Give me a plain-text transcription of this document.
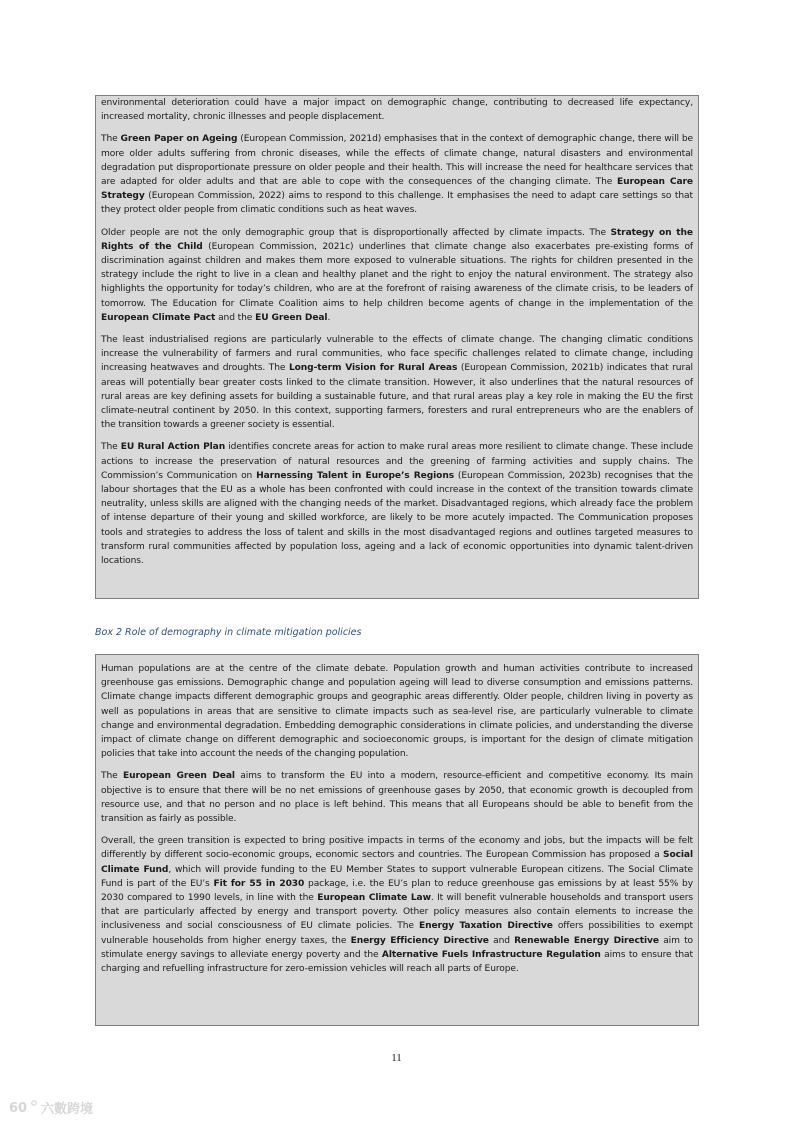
environmental deterioration could have a major impact on demographic change, contributing to decreased life expectancy, increased mortality, chronic illnesses and people displacement.

The Green Paper on Ageing (European Commission, 2021d) emphasises that in the context of demographic change, there will be more older adults suffering from chronic diseases, while the effects of climate change, natural disasters and environmental degradation put disproportionate pressure on older people and their health. This will increase the need for healthcare services that are adapted for older adults and that are able to cope with the consequences of the changing climate. The European Care Strategy (European Commission, 2022) aims to respond to this challenge. It emphasises the need to adapt care settings so that they protect older people from climatic conditions such as heat waves.

Older people are not the only demographic group that is disproportionally affected by climate impacts. The Strategy on the Rights of the Child (European Commission, 2021c) underlines that climate change also exacerbates pre-existing forms of discrimination against children and makes them more exposed to vulnerable situations. The rights for children presented in the strategy include the right to live in a clean and healthy planet and the right to enjoy the natural environment. The strategy also highlights the opportunity for today’s children, who are at the forefront of raising awareness of the climate crisis, to be leaders of tomorrow. The Education for Climate Coalition aims to help children become agents of change in the implementation of the European Climate Pact and the EU Green Deal.

The least industrialised regions are particularly vulnerable to the effects of climate change. The changing climatic conditions increase the vulnerability of farmers and rural communities, who face specific challenges related to climate change, including increasing heatwaves and droughts. The Long-term Vision for Rural Areas (European Commission, 2021b) indicates that rural areas will potentially bear greater costs linked to the climate transition. However, it also underlines that the natural resources of rural areas are key defining assets for building a sustainable future, and that rural areas play a key role in making the EU the first climate-neutral continent by 2050. In this context, supporting farmers, foresters and rural entrepreneurs who are the enablers of the transition towards a greener society is essential.

The EU Rural Action Plan identifies concrete areas for action to make rural areas more resilient to climate change. These include actions to increase the preservation of natural resources and the greening of farming activities and supply chains. The Commission’s Communication on Harnessing Talent in Europe’s Regions (European Commission, 2023b) recognises that the labour shortages that the EU as a whole has been confronted with could increase in the context of the transition towards climate neutrality, unless skills are aligned with the changing needs of the market. Disadvantaged regions, which already face the problem of intense departure of their young and skilled workforce, are likely to be more acutely impacted. The Communication proposes tools and strategies to address the loss of talent and skills in the most disadvantaged regions and outlines targeted measures to transform rural communities affected by population loss, ageing and a lack of economic opportunities into dynamic talent-driven locations.

Box 2 Role of demography in climate mitigation policies

Human populations are at the centre of the climate debate. Population growth and human activities contribute to increased greenhouse gas emissions. Demographic change and population ageing will lead to diverse consumption and emissions patterns. Climate change impacts different demographic groups and geographic areas differently. Older people, children living in poverty as well as populations in areas that are sensitive to climate impacts such as sea-level rise, are particularly vulnerable to climate change and environmental degradation. Embedding demographic considerations in climate policies, and understanding the diverse impact of climate change on different demographic and socioeconomic groups, is important for the design of climate mitigation policies that take into account the needs of the changing population.

The European Green Deal aims to transform the EU into a modern, resource-efficient and competitive economy. Its main objective is to ensure that there will be no net emissions of greenhouse gases by 2050, that economic growth is decoupled from resource use, and that no person and no place is left behind. This means that all Europeans should be able to benefit from the transition as fairly as possible.

Overall, the green transition is expected to bring positive impacts in terms of the economy and jobs, but the impacts will be felt differently by different socio-economic groups, economic sectors and countries. The European Commission has proposed a Social Climate Fund, which will provide funding to the EU Member States to support vulnerable European citizens. The Social Climate Fund is part of the EU’s Fit for 55 in 2030 package, i.e. the EU’s plan to reduce greenhouse gas emissions by at least 55% by 2030 compared to 1990 levels, in line with the European Climate Law. It will benefit vulnerable households and transport users that are particularly affected by energy and transport poverty. Other policy measures also contain elements to increase the inclusiveness and social consciousness of EU climate policies. The Energy Taxation Directive offers possibilities to exempt vulnerable households from higher energy taxes, the Energy Efficiency Directive and Renewable Energy Directive aim to stimulate energy savings to alleviate energy poverty and the Alternative Fuels Infrastructure Regulation aims to ensure that charging and refuelling infrastructure for zero-emission vehicles will reach all parts of Europe.

11
60 六數跨境
